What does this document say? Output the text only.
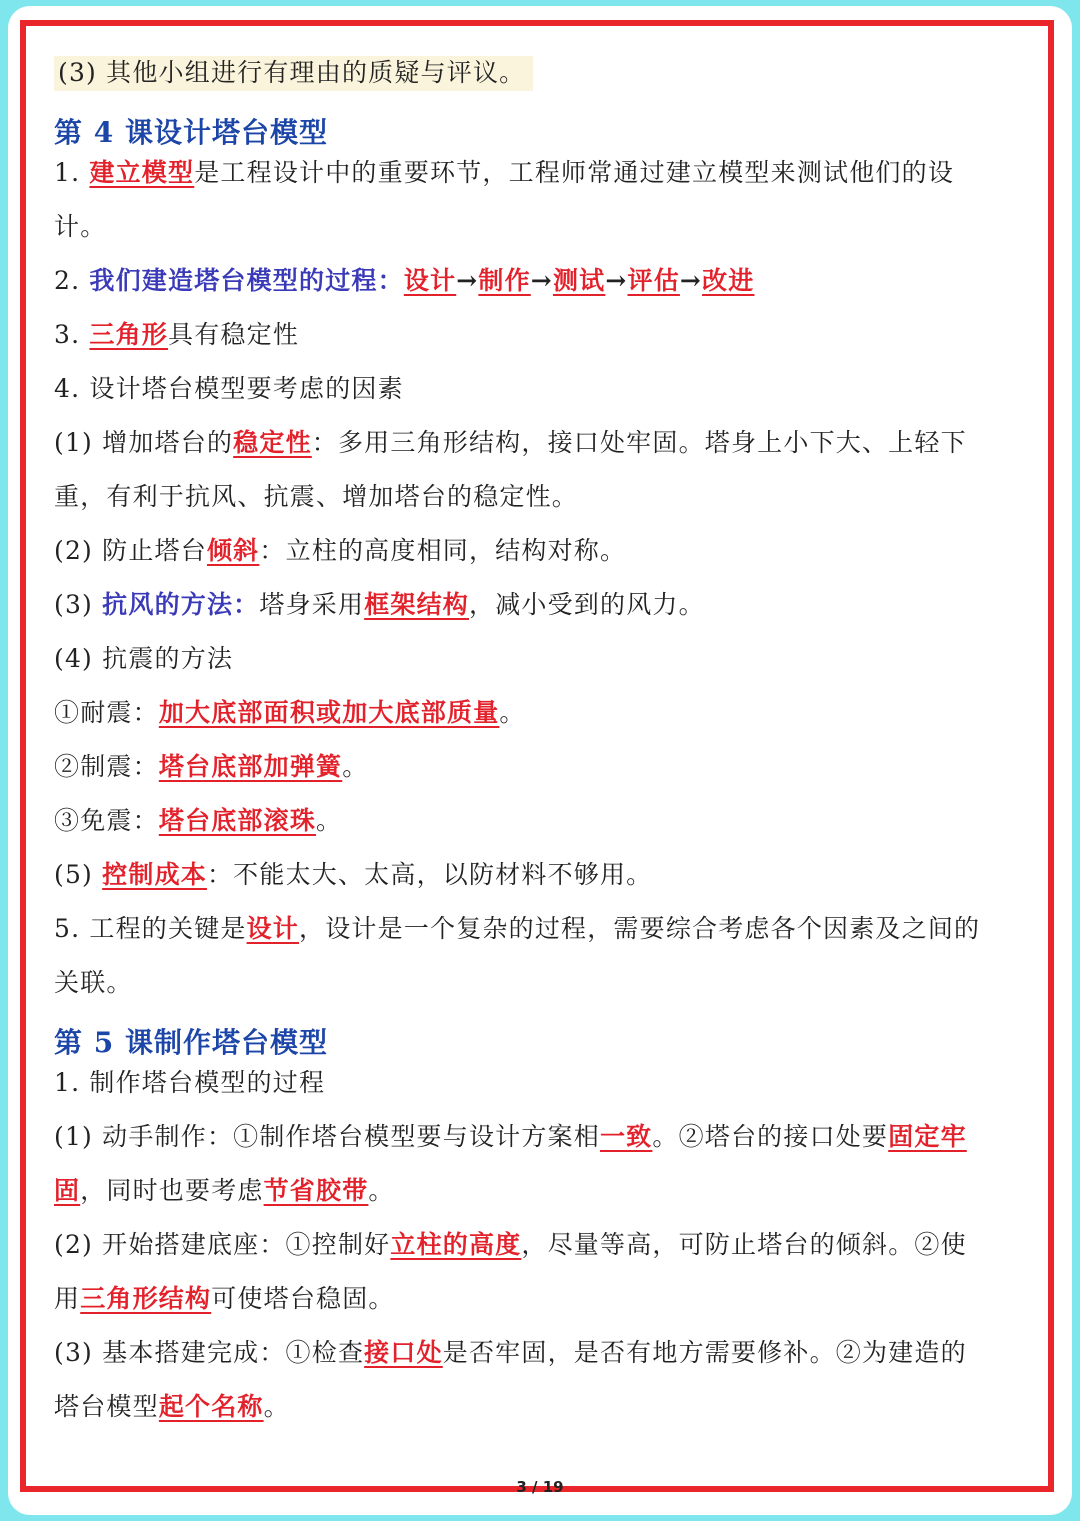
(3) 其他小组进行有理由的质疑与评议。
第 4 课设计塔台模型
1. 建立模型是工程设计中的重要环节，工程师常通过建立模型来测试他们的设
计。
2. 我们建造塔台模型的过程：设计→制作→测试→评估→改进
3. 三角形具有稳定性
4. 设计塔台模型要考虑的因素
(1) 增加塔台的稳定性：多用三角形结构，接口处牢固。塔身上小下大、上轻下
重，有利于抗风、抗震、增加塔台的稳定性。
(2) 防止塔台倾斜：立柱的高度相同，结构对称。
(3) 抗风的方法：塔身采用框架结构，减小受到的风力。
(4) 抗震的方法
①耐震：加大底部面积或加大底部质量。
②制震：塔台底部加弹簧。
③免震：塔台底部滚珠。
(5) 控制成本：不能太大、太高，以防材料不够用。
5. 工程的关键是设计，设计是一个复杂的过程，需要综合考虑各个因素及之间的
关联。
第 5 课制作塔台模型
1. 制作塔台模型的过程
(1) 动手制作：①制作塔台模型要与设计方案相一致。②塔台的接口处要固定牢
固，同时也要考虑节省胶带。
(2) 开始搭建底座：①控制好立柱的高度，尽量等高，可防止塔台的倾斜。②使
用三角形结构可使塔台稳固。
(3) 基本搭建完成：①检查接口处是否牢固，是否有地方需要修补。②为建造的
塔台模型起个名称。
3 / 19
